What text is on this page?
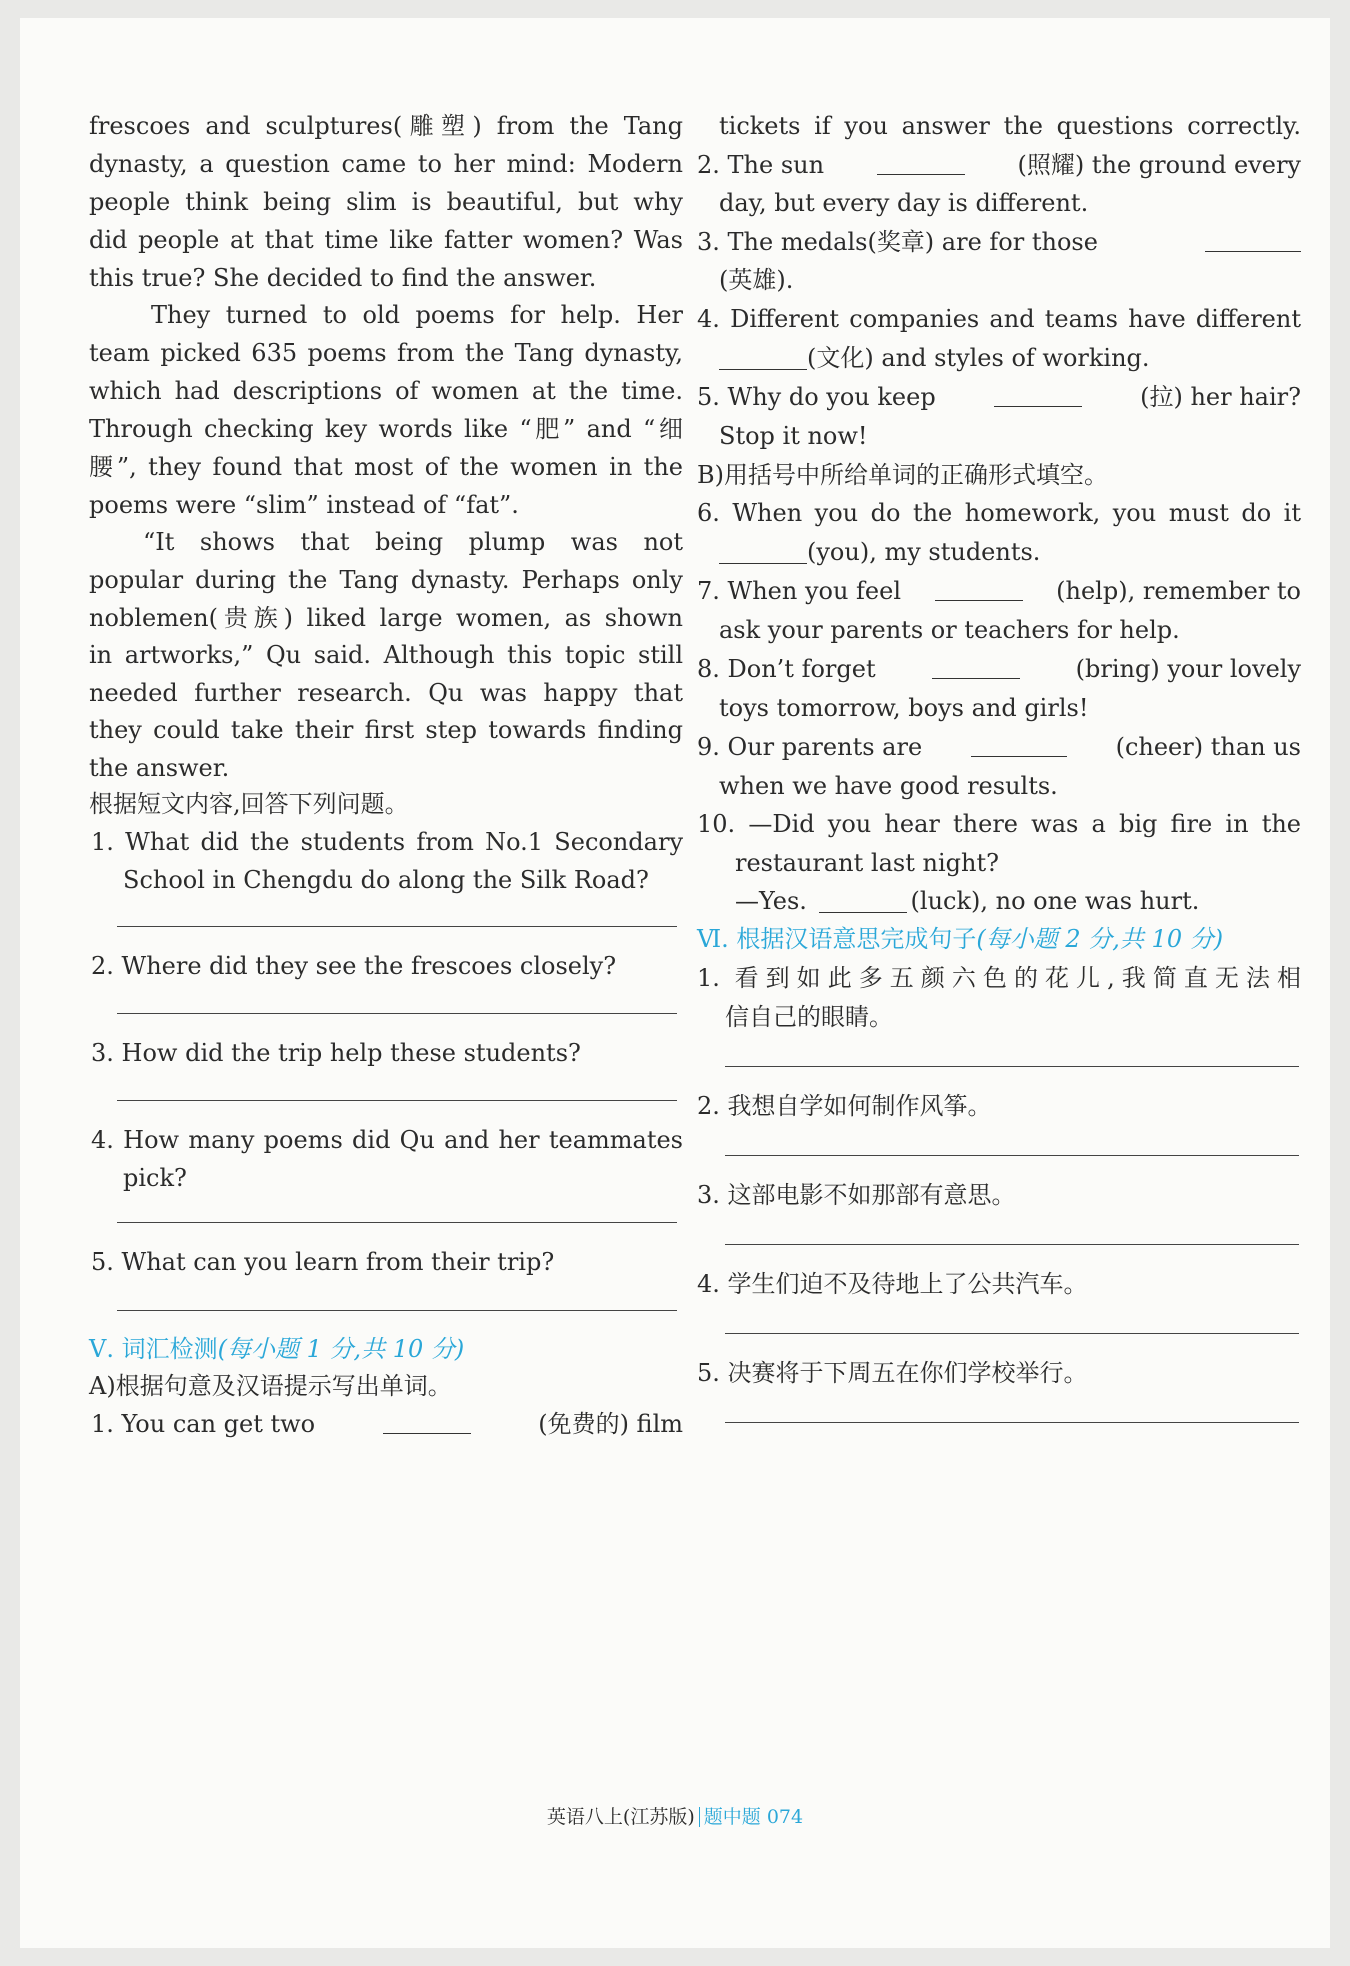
frescoes and sculptures(雕塑) from the Tang
dynasty, a question came to her mind: Modern
people think being slim is beautiful, but why
did people at that time like fatter women? Was
this true? She decided to find the answer.
They turned to old poems for help. Her
team picked 635 poems from the Tang dynasty,
which had descriptions of women at the time.
Through checking key words like “肥” and “细
腰”, they found that most of the women in the
poems were “slim” instead of “fat”.
“It shows that being plump was not
popular during the Tang dynasty. Perhaps only
noblemen(贵族) liked large women, as shown
in artworks,” Qu said. Although this topic still
needed further research. Qu was happy that
they could take their first step towards finding
the answer.
根据短文内容,回答下列问题。
1. What did the students from No.1 Secondary
School in Chengdu do along the Silk Road?
2. Where did they see the frescoes closely?
3. How did the trip help these students?
4. How many poems did Qu and her teammates
pick?
5. What can you learn from their trip?
Ⅴ. 词汇检测(每小题 1 分,共 10 分)
A)根据句意及汉语提示写出单词。
1. You can get two	(免费的) film
tickets if you answer the questions correctly.
2. The sun	(照耀) the ground every
day, but every day is different.
3. The medals(奖章) are for those
(英雄).
4. Different companies and teams have different
(文化) and styles of working.
5. Why do you keep	(拉) her hair?
Stop it now!
B)用括号中所给单词的正确形式填空。
6. When you do the homework, you must do it
(you), my students.
7. When you feel	(help), remember to
ask your parents or teachers for help.
8. Don’t forget	(bring) your lovely
toys tomorrow, boys and girls!
9. Our parents are	(cheer) than us
when we have good results.
10. —Did you hear there was a big fire in the
restaurant last night?
—Yes.	(luck), no one was hurt.
Ⅵ. 根据汉语意思完成句子(每小题 2 分,共 10 分)
1. 看到如此多五颜六色的花儿,我简直无法相
信自己的眼睛。
2. 我想自学如何制作风筝。
3. 这部电影不如那部有意思。
4. 学生们迫不及待地上了公共汽车。
5. 决赛将于下周五在你们学校举行。
英语八上(江苏版) 题中题 074
